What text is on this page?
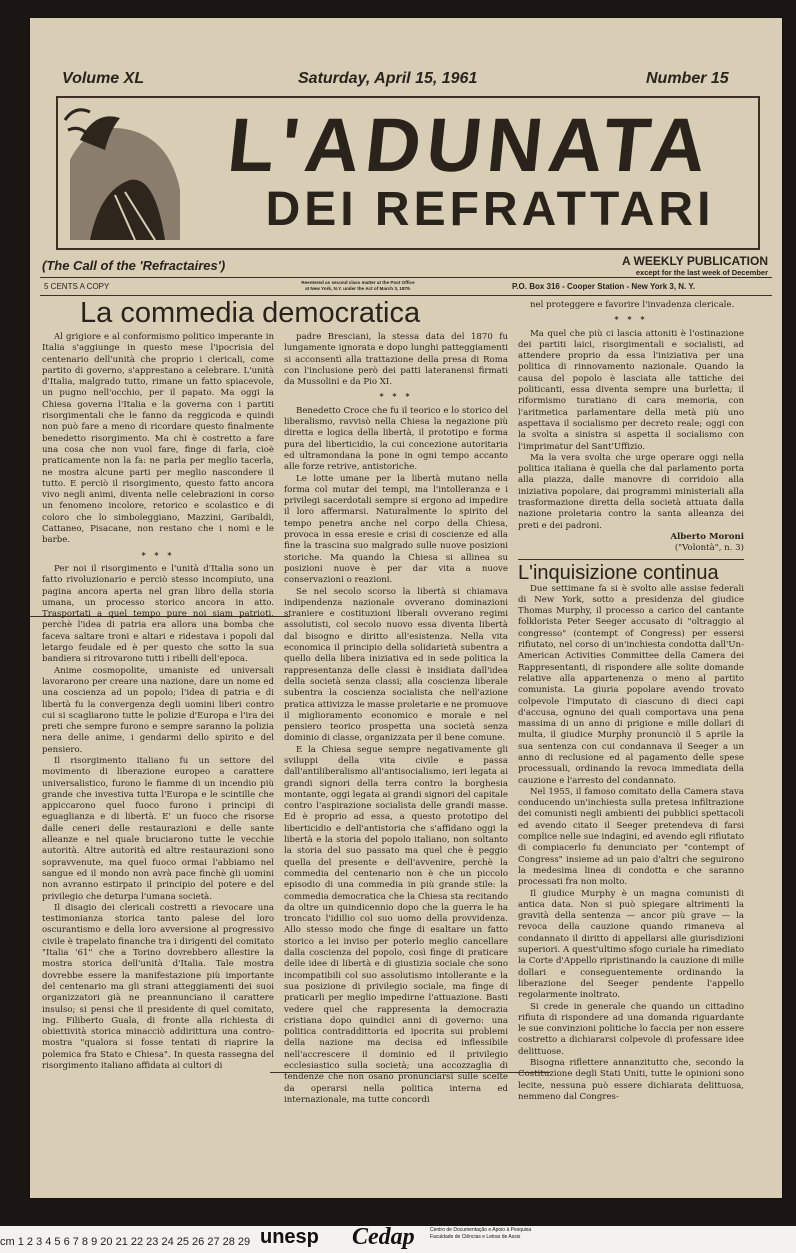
Volume XL	Saturday, April 15, 1961	Number 15
L'ADUNATA
DEI REFRATTARI
(The Call of the 'Refractaires')	A WEEKLY PUBLICATION
except for the last week of December
5 CENTS A COPY	Reentered as second class matter at the Post Office
at New York, N.Y. under the Act of March 3, 1879.	P.O. Box 316 - Cooper Station - New York 3, N. Y.
La commedia democratica

Al grigiore e al conformismo politico imperante in Italia s'aggiunge in questo mese l'ipocrisia del centenario dell'unità che proprio i clericali, come partito di governo, s'apprestano a celebrare. L'unità d'Italia, malgrado tutto, rimane un fatto spiacevole, un pugno nell'occhio, per il papato. Ma oggi la Chiesa governa l'Italia e la governa con i partiti risorgimentali che le fanno da reggicoda e quindi non può fare a meno di ricordare questo finalmente benedetto risorgimento. Ma chi è costretto a fare una cosa che non vuol fare, finge di farla, cioè praticamente non la fa: ne parla per meglio tacerla, ne mostra alcune parti per meglio nascondere il tutto. E perciò il risorgimento, questo fatto ancora vivo negli animi, diventa nelle celebrazioni in corso un fenomeno incolore, retorico e scolastico e di coloro che lo simboleggiano, Mazzini, Garibaldi, Cattaneo, Pisacane, non restano che i nomi e le barbe.

* * *

Per noi il risorgimento e l'unità d'Italia sono un fatto rivoluzionario e perciò stesso incompiuto, una pagina ancora aperta nel gran libro della storia umana, un processo storico ancora in atto. Trasportati a quel tempo pure noi siam patrioti, perchè l'idea di patria era allora una bomba che faceva saltare troni e altari e ridestava i popoli dal letargo feudale ed è per questo che sotto la sua bandiera si ritrovarono tutti i ribelli dell'epoca.

Anime cosmopolite, umaniste ed universali lavorarono per creare una nazione, dare un nome ed una coscienza ad un popolo; l'idea di patria e di libertà fu la convergenza degli uomini liberi contro cui si scagliarono tutte le polizie d'Europa e l'ira dei preti che sempre furono e sempre saranno la polizia nera delle anime, i gendarmi dello spirito e del pensiero.

Il risorgimento italiano fu un settore del movimento di liberazione europeo a carattere universalistico, furono le fiamme di un incendio più grande che investiva tutta l'Europa e le scintille che appiccarono quel fuoco furono i principi di eguaglianza e di libertà. E' un fuoco che risorse dalle ceneri delle restaurazioni e delle sante alleanze e nel quale bruciarono tutte le vecchie autorità. Altre autorità ed altre restaurazioni sono sopravvenute, ma quel fuoco ormai l'abbiamo nel sangue ed il mondo non avrà pace finchè gli uomini non avranno estirpato il principio del potere e del privilegio che deturpa l'umana società.

Il disagio dei clericali costretti a rievocare una testimonianza storica tanto palese del loro oscurantismo e della loro avversione al progressivo civile è trapelato finanche tra i dirigenti del comitato "Italia '61" che a Torino dovrebbero allestire la mostra storica dell'unità d'Italia. Tale mostra dovrebbe essere la manifestazione più importante del centenario ma gli strani atteggiamenti dei suoi organizzatori già ne preannunciano il carattere insulso; si pensi che il presidente di quel comitato, ing. Filiberto Guala, di fronte alla richiesta di obiettività storica minacciò addirittura una contro-mostra "qualora si fosse tentati di riaprire la polemica fra Stato e Chiesa". In questa rassegna del risorgimento italiano affidata ai cultori di

padre Bresciani, la stessa data del 1870 fu lungamente ignorata e dopo lunghi patteggiamenti si acconsentì alla trattazione della presa di Roma con l'inclusione però dei patti lateranensi firmati da Mussolini e da Pio XI.

* * *

Benedetto Croce che fu il teorico e lo storico del liberalismo, ravvisò nella Chiesa la negazione più diretta e logica della libertà, il prototipo e forma pura del liberticidio, la cui concezione autoritaria ed ultramondana la pone in ogni tempo accanto alle forze retrive, antistoriche.

Le lotte umane per la libertà mutano nella forma col mutar dei tempi, ma l'intolleranza e i privilegi sacerdotali sempre si ergono ad impedire il loro affermarsi. Naturalmente lo spirito del tempo penetra anche nel corpo della Chiesa, provoca in essa eresie e crisi di coscienze ed alla fine la trascina suo malgrado sulle nuove posizioni storiche. Ma quando la Chiesa si allinea su posizioni nuove è per dar vita a nuove conservazioni o reazioni.

Se nel secolo scorso la libertà si chiamava indipendenza nazionale ovverano dominazioni straniere e costituzioni liberali ovverano regimi assolutisti, col secolo nuovo essa diventa libertà dal bisogno e diritto all'esistenza. Nella vita economica il principio della solidarietà subentra a quello della libera iniziativa ed in sede politica la rappresentanza delle classi è insidiata dall'idea della società senza classi; alla coscienza liberale subentra la coscienza socialista che nell'azione pratica attivizza le masse proletarie e ne promuove il miglioramento economico e morale e nel pensiero teorico prospetta una società senza dominio di classe, organizzata per il bene comune.

E la Chiesa segue sempre negativamente gli sviluppi della vita civile e passa dall'antiliberalismo all'antisocialismo, ieri legata ai grandi signori della terra contro la borghesia montante, oggi legata ai grandi signori del capitale contro l'aspirazione socialista delle grandi masse. Ed è proprio ad essa, a questo prototipo del liberticidio e dell'antistoria che s'affidano oggi la libertà e la storia del popolo italiano, non soltanto la storia del suo passato ma quel che è peggio quella del presente e dell'avvenire, perchè la commedia del centenario non è che un piccolo episodio di una commedia in più grande stile: la commedia democratica che la Chiesa sta recitando da oltre un quindicennio dopo che la guerra le ha troncato l'idillio col suo uomo della provvidenza. Allo stesso modo che finge di esaltare un fatto storico a lei inviso per poterlo meglio cancellare dalla coscienza del popolo, così finge di praticare delle idee di libertà e di giustizia sociale che sono incompatibili col suo assolutismo intollerante e la sua posizione di privilegio sociale, ma finge di praticarli per meglio impedirne l'attuazione. Basti vedere quel che rappresenta la democrazia cristiana dopo quindici anni di governo: una politica contraddittoria ed ipocrita sui problemi della nazione ma decisa ed inflessibile nell'accrescere il dominio ed il privilegio ecclesiastico sulla società; una accozzaglia di tendenze che non osano pronunciarsi sulle scelte da operarsi nella politica interna ed internazionale, ma tutte concordi

nel proteggere e favorire l'invadenza clericale.

* * *

Ma quel che più ci lascia attoniti è l'ostinazione dei partiti laici, risorgimentali e socialisti, ad attendere proprio da essa l'iniziativa per una politica di rinnovamento nazionale. Quando la causa del popolo è lasciata alle tattiche dei politicanti, essa diventa sempre una burletta; il riformismo turatiano di cara memoria, con l'aritmetica parlamentare della metà più uno aspettava il socialismo per decreto reale; oggi con la svolta a sinistra si aspetta il socialismo con l'imprimatur del Sant'Uffizio.

Ma la vera svolta che urge operare oggi nella politica italiana è quella che dal parlamento porta alla piazza, dalle manovre di corridoio alla iniziativa popolare, dai programmi ministeriali alla trasformazione diretta della società attuata dalla nazione proletaria contro la santa alleanza dei preti e dei padroni.

Alberto Moroni

("Volontà", n. 3)

L'inquisizione continua

Due settimane fa si è svolto alle assise federali di New York, sotto a presidenza del giudice Thomas Murphy, il processo a carico del cantante folklorista Peter Seeger accusato di "oltraggio al congresso" (contempt of Congress) per essersi rifiutato, nel corso di un'inchiesta condotta dall'Un-American Activities Committee della Camera dei Rappresentanti, di rispondere alle solite domande relative alla appartenenza o meno al partito comunista. La giuria popolare avendo trovato colpevole l'imputato di ciascuno di dieci capi d'accusa, ognuno dei quali comportava una pena massima di un anno di prigione e mille dollari di multa, il giudice Murphy pronunciò il 5 aprile la sua sentenza con cui condannava il Seeger a un anno di reclusione ed al pagamento delle spese processuali, ordinando la revoca immediata della cauzione e l'arresto del condannato.

Nel 1955, il famoso comitato della Camera stava conducendo un'inchiesta sulla pretesa infiltrazione dei comunisti negli ambienti dei pubblici spettacoli ed avendo citato il Seeger pretendeva di farsi complice nelle sue indagini, ed avendo egli rifiutato di compiacerlo fu denunciato per "contempt of Congress" insieme ad un paio d'altri che seguirono la medesima linea di condotta e che saranno processati fra non molto.

Il giudice Murphy è un magna comunisti di antica data. Non si può spiegare altrimenti la gravità della sentenza — ancor più grave — la revoca della cauzione quando rimaneva al condannato il diritto di appellarsi alle giurisdizioni superiori. A quest'ultimo sfogo curiale ha rimediato la Corte d'Appello ripristinando la cauzione di mille dollari e conseguentemente ordinando la liberazione del Seeger pendente l'appello regolarmente inoltrato.

Si crede in generale che quando un cittadino rifiuta di rispondere ad una domanda riguardante le sue convinzioni politiche lo faccia per non essere costretto a dichiararsi colpevole di professare idee delittuose.

Bisogna riflettere annanzitutto che, secondo la Costituzione degli Stati Uniti, tutte le opinioni sono lecite, nessuna può essere dichiarata delittuosa, nemmeno dal Congres-

cm 1 2 3 4 5 6 7 8 9 20 21 22 23 24 25 26 27 28 29 unesp Cedap	Centro de Documentação e Apoio à Pesquisa
Faculdade de Ciências e Letras de Assis
